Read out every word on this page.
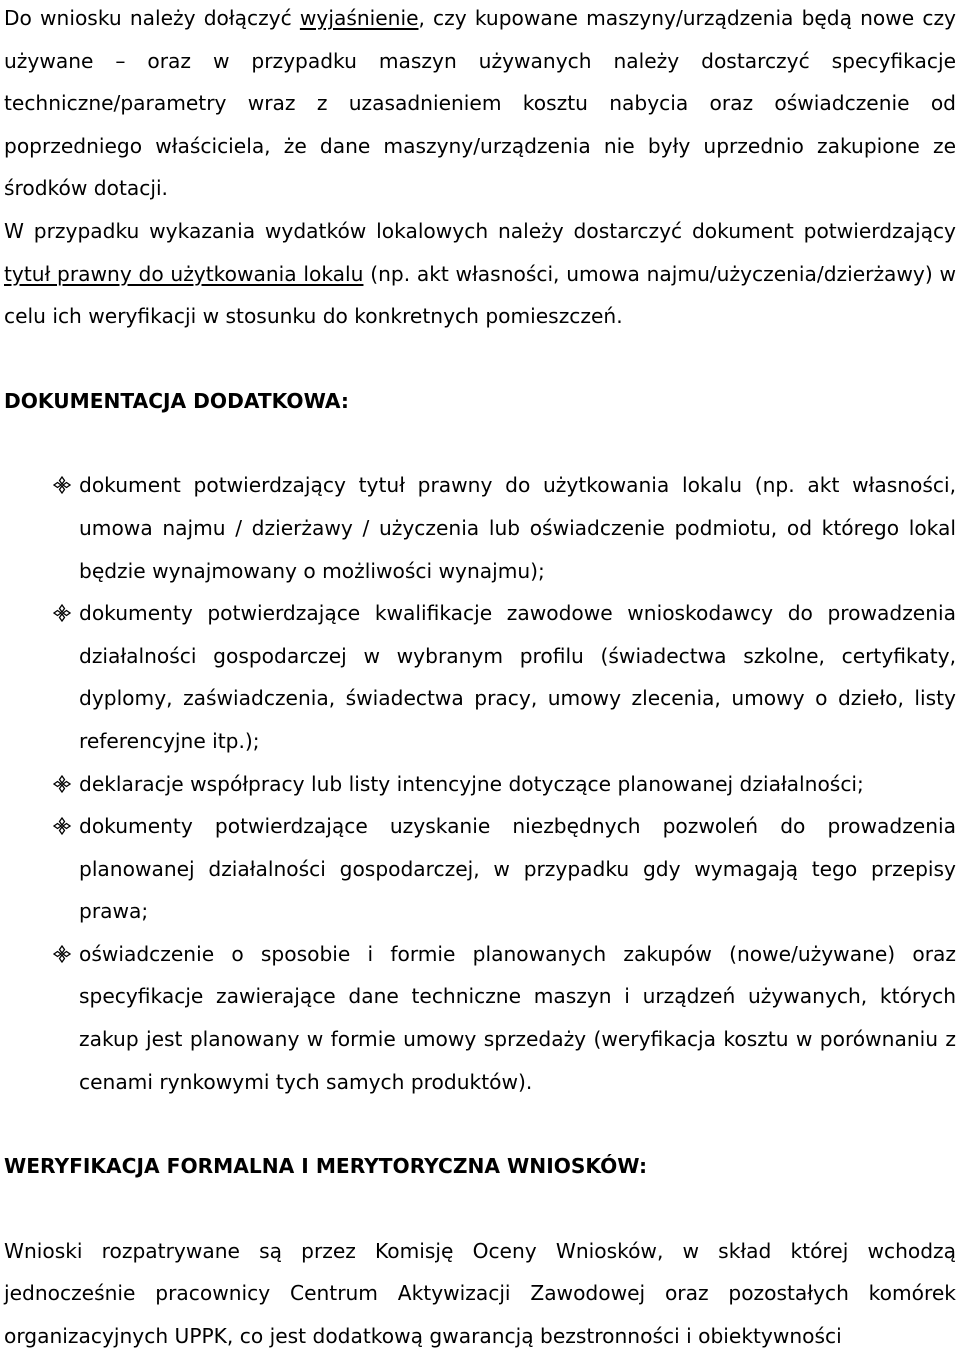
Do wniosku należy dołączyć wyjaśnienie, czy kupowane maszyny/urządzenia będą nowe czy używane – oraz w przypadku maszyn używanych należy dostarczyć specyfikacje techniczne/parametry wraz z uzasadnieniem kosztu nabycia oraz oświadczenie od poprzedniego właściciela, że dane maszyny/urządzenia nie były uprzednio zakupione ze środków dotacji.

W przypadku wykazania wydatków lokalowych należy dostarczyć dokument potwierdzający tytuł prawny do użytkowania lokalu (np. akt własności, umowa najmu/użyczenia/dzierżawy) w celu ich weryfikacji w stosunku do konkretnych pomieszczeń.

DOKUMENTACJA DODATKOWA:
dokument potwierdzający tytuł prawny do użytkowania lokalu (np. akt własności, umowa najmu / dzierżawy / użyczenia lub oświadczenie podmiotu, od którego lokal będzie wynajmowany o możliwości wynajmu);
dokumenty potwierdzające kwalifikacje zawodowe wnioskodawcy do prowadzenia działalności gospodarczej w wybranym profilu (świadectwa szkolne, certyfikaty, dyplomy, zaświadczenia, świadectwa pracy, umowy zlecenia, umowy o dzieło, listy referencyjne itp.);
deklaracje współpracy lub listy intencyjne dotyczące planowanej działalności;
dokumenty potwierdzające uzyskanie niezbędnych pozwoleń do prowadzenia planowanej działalności gospodarczej, w przypadku gdy wymagają tego przepisy prawa;
oświadczenie o sposobie i formie planowanych zakupów (nowe/używane) oraz specyfikacje zawierające dane techniczne maszyn i urządzeń używanych, których zakup jest planowany w formie umowy sprzedaży (weryfikacja kosztu w porównaniu z cenami rynkowymi tych samych produktów).
WERYFIKACJA FORMALNA I MERYTORYCZNA WNIOSKÓW:

Wnioski rozpatrywane są przez Komisję Oceny Wniosków, w skład której wchodzą jednocześnie pracownicy Centrum Aktywizacji Zawodowej oraz pozostałych komórek organizacyjnych UPPK, co jest dodatkową gwarancją bezstronności i obiektywności
